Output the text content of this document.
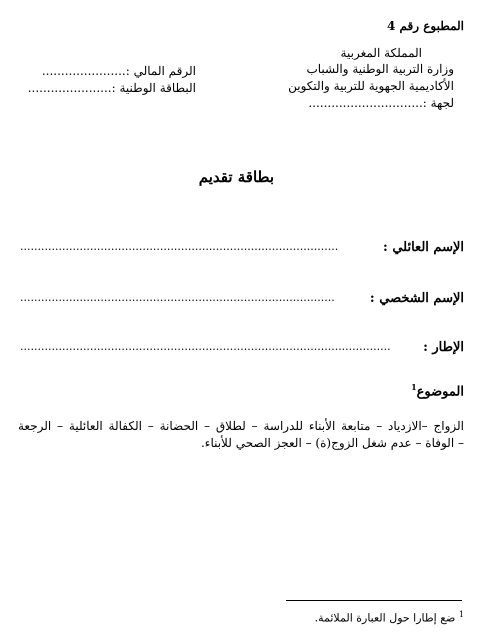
المطبوع رقم 4
المملكة المغربية
وزارة التربية الوطنية والشباب
الأكاديمية الجهوية للتربية والتكوين
لجهة :..............................
الرقم المالي :......................
البطاقة الوطنية :......................
بطاقة تقديم
الإسم العائلي :
...........................................................................................
الإسم الشخصي :
..........................................................................................
الإطار :
..........................................................................................................
الموضوع$^1$
الزواج –الازدياد – متابعة الأبناء للدراسة – لطلاق – الحضانة – الكفالة العائلية – الرجعة
– الوفاة – عدم شغل الزوج(ة) – العجز الصحي للأبناء.
$^1$ ضع إطارا حول العبارة الملائمة.
